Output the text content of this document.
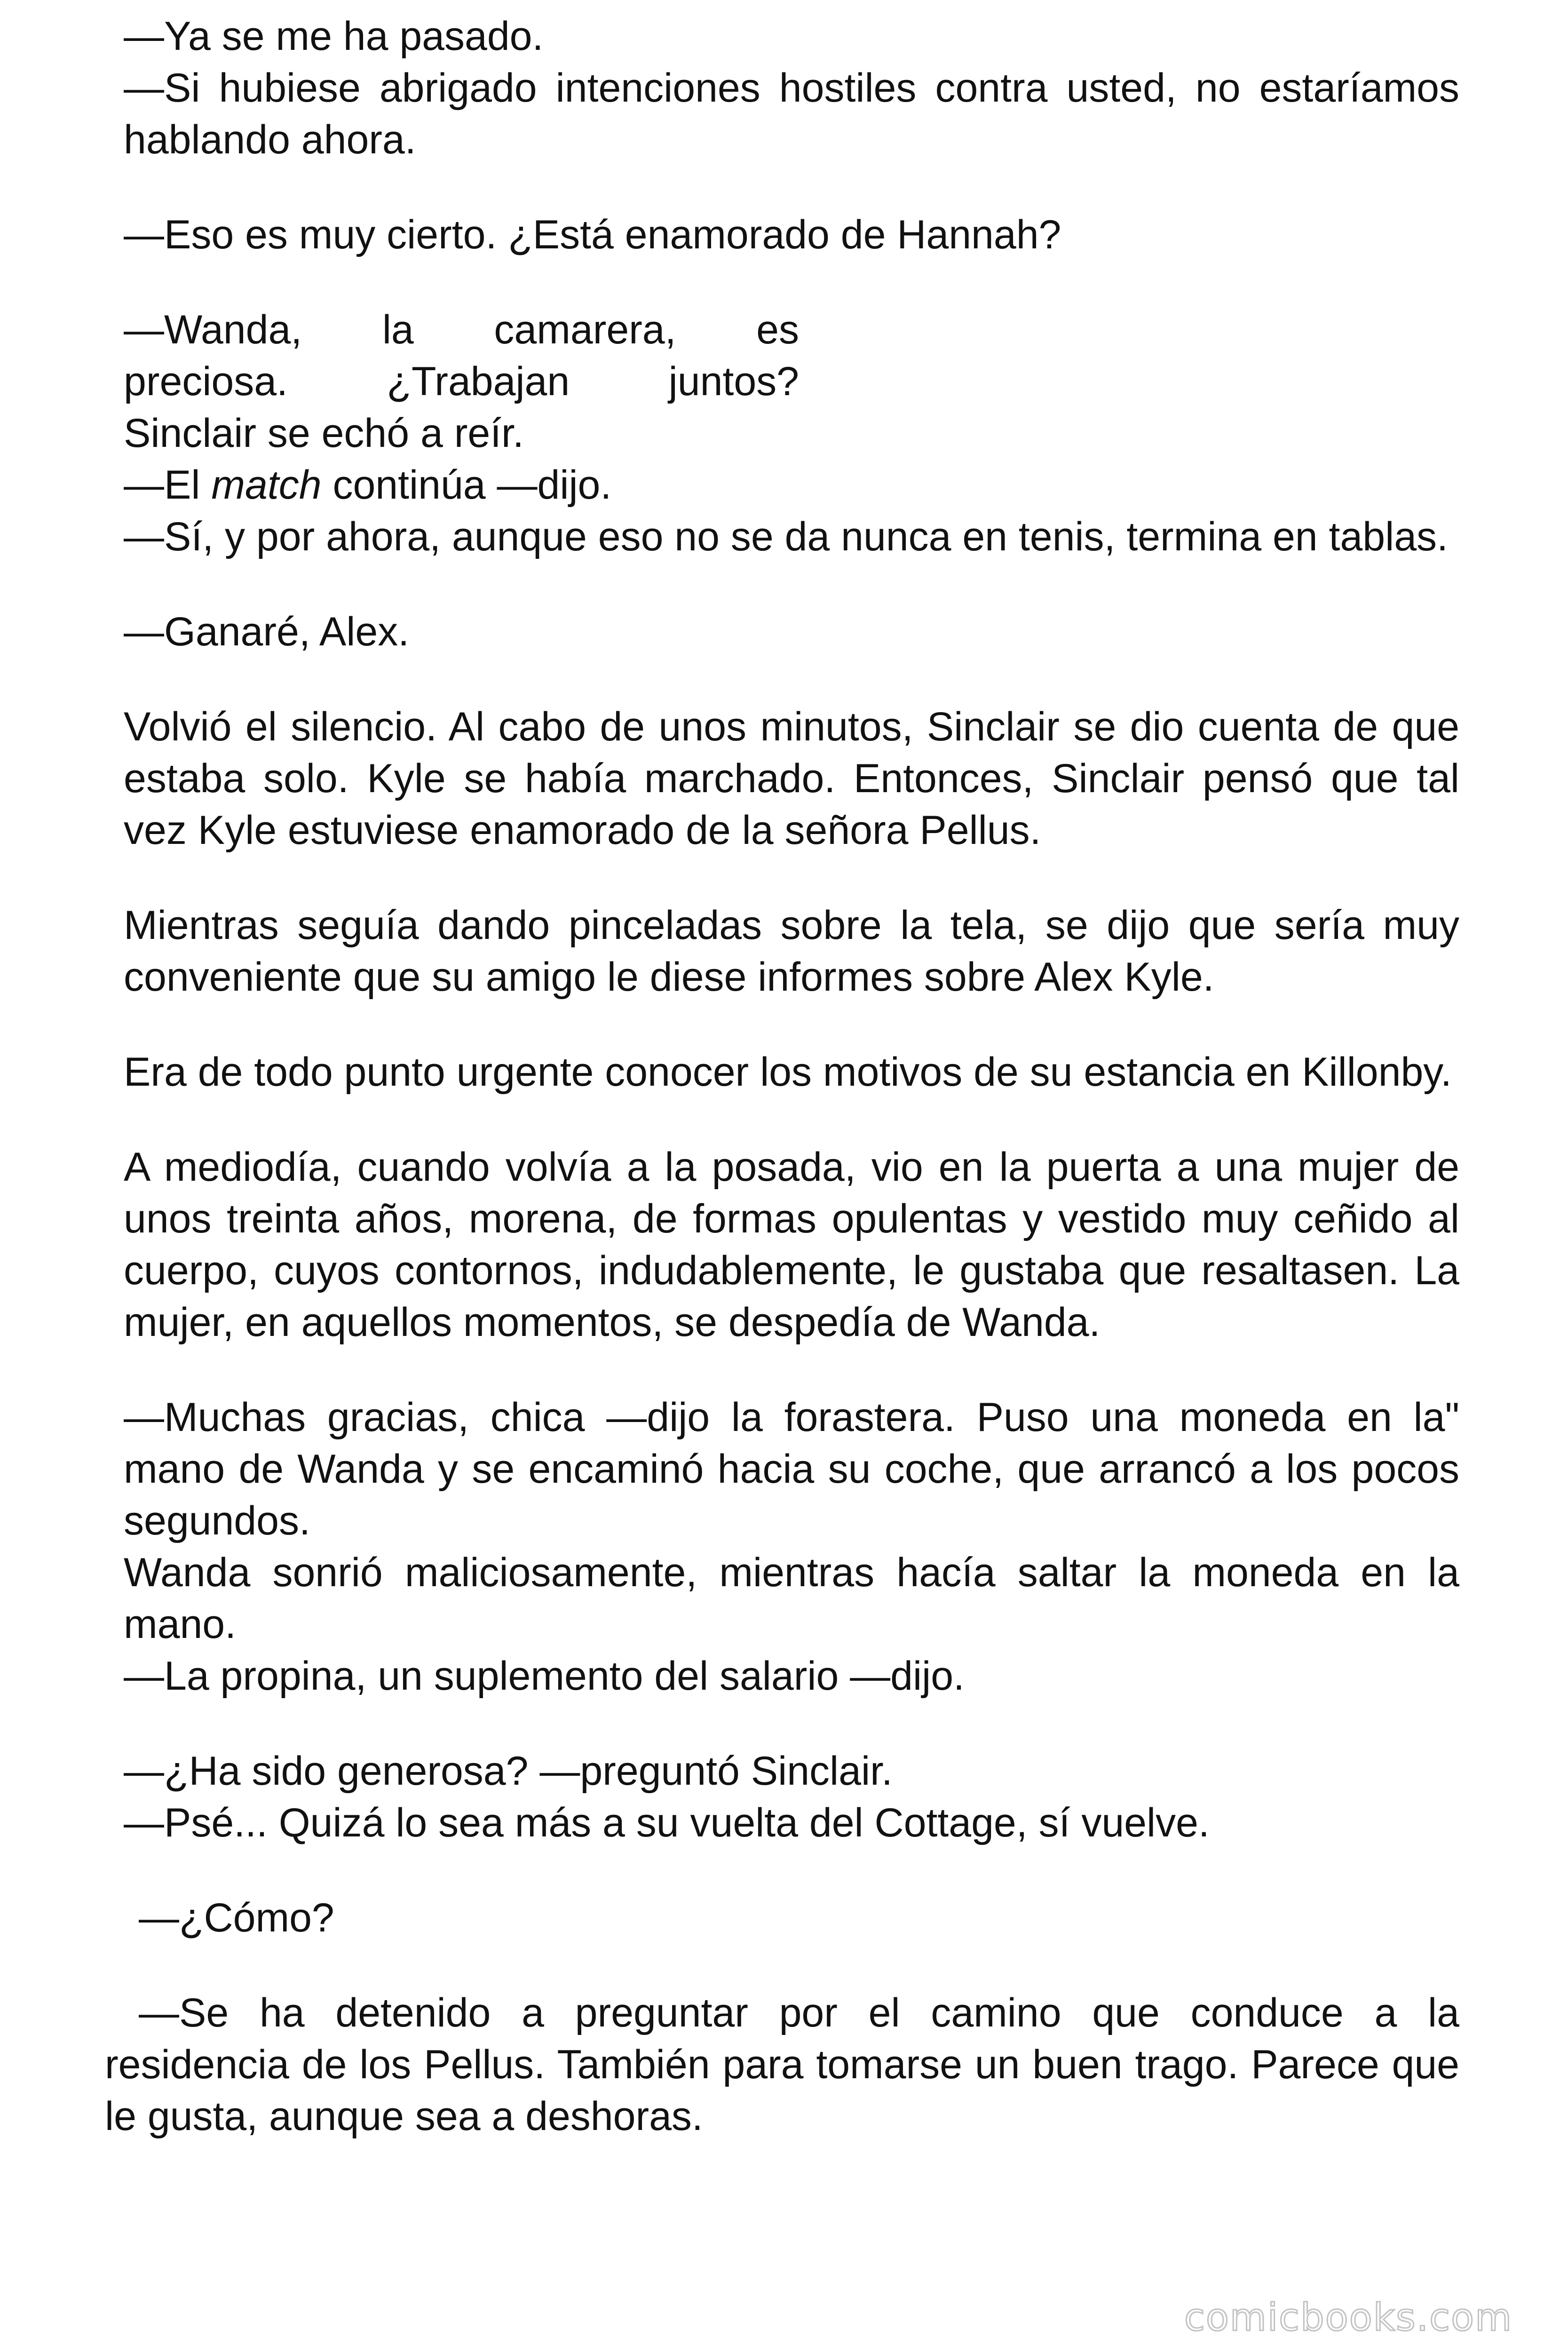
—Ya se me ha pasado.

—Si hubiese abrigado intenciones hostiles contra usted, no estaríamos hablando ahora.

—Eso es muy cierto. ¿Está enamorado de Hannah?

—Wanda, la camarera, es
preciosa. ¿Trabajan juntos?

Sinclair se echó a reír.

—El match continúa —dijo.

—Sí, y por ahora, aunque eso no se da nunca en tenis, termina en tablas.

—Ganaré, Alex.

Volvió el silencio. Al cabo de unos minutos, Sinclair se dio cuenta de que estaba solo. Kyle se había marchado. Entonces, Sinclair pensó que tal vez Kyle estuviese enamorado de la señora Pellus.

Mientras seguía dando pinceladas sobre la tela, se dijo que sería muy conveniente que su amigo le diese informes sobre Alex Kyle.

Era de todo punto urgente conocer los motivos de su estancia en Killonby.

A mediodía, cuando volvía a la posada, vio en la puerta a una mujer de unos treinta años, morena, de formas opulentas y vestido muy ceñido al cuerpo, cuyos contornos, indudablemente, le gustaba que resaltasen. La mujer, en aquellos momentos, se despedía de Wanda.

—Muchas gracias, chica —dijo la forastera. Puso una moneda en la" mano de Wanda y se encaminó hacia su coche, que arrancó a los pocos segundos.

Wanda sonrió maliciosamente, mientras hacía saltar la moneda en la mano.

—La propina, un suplemento del salario —dijo.

—¿Ha sido generosa? —preguntó Sinclair.

—Psé... Quizá lo sea más a su vuelta del Cottage, sí vuelve.

—¿Cómo?

—Se ha detenido a preguntar por el camino que conduce a la
residencia de los Pellus. También para tomarse un buen trago. Parece que le gusta, aunque sea a deshoras.
comicbooks.com
